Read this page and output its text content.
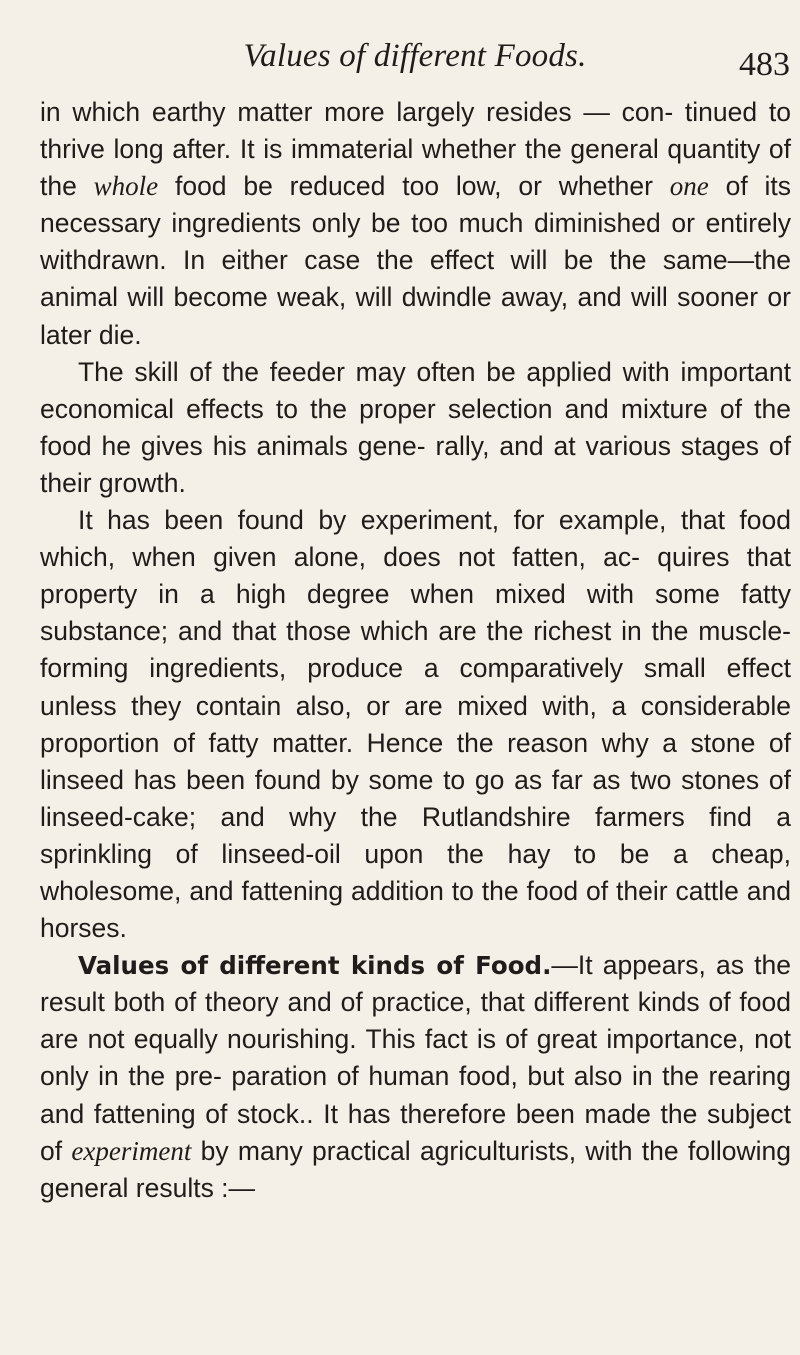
Values of different Foods.	483

in which earthy matter more largely resides — con- tinued to thrive long after. It is immaterial whether the general quantity of the whole food be reduced too low, or whether one of its necessary ingredients only be too much diminished or entirely withdrawn. In either case the effect will be the same—the animal will become weak, will dwindle away, and will sooner or later die.

The skill of the feeder may often be applied with important economical effects to the proper selection and mixture of the food he gives his animals gene- rally, and at various stages of their growth.

It has been found by experiment, for example, that food which, when given alone, does not fatten, ac- quires that property in a high degree when mixed with some fatty substance; and that those which are the richest in the muscle-forming ingredients, produce a comparatively small effect unless they contain also, or are mixed with, a considerable proportion of fatty matter. Hence the reason why a stone of linseed has been found by some to go as far as two stones of linseed-cake; and why the Rutlandshire farmers find a sprinkling of linseed-oil upon the hay to be a cheap, wholesome, and fattening addition to the food of their cattle and horses.

Values of different kinds of Food.—It appears, as the result both of theory and of practice, that different kinds of food are not equally nourishing. This fact is of great importance, not only in the pre- paration of human food, but also in the rearing and fattening of stock.. It has therefore been made the subject of experiment by many practical agriculturists, with the following general results :—
